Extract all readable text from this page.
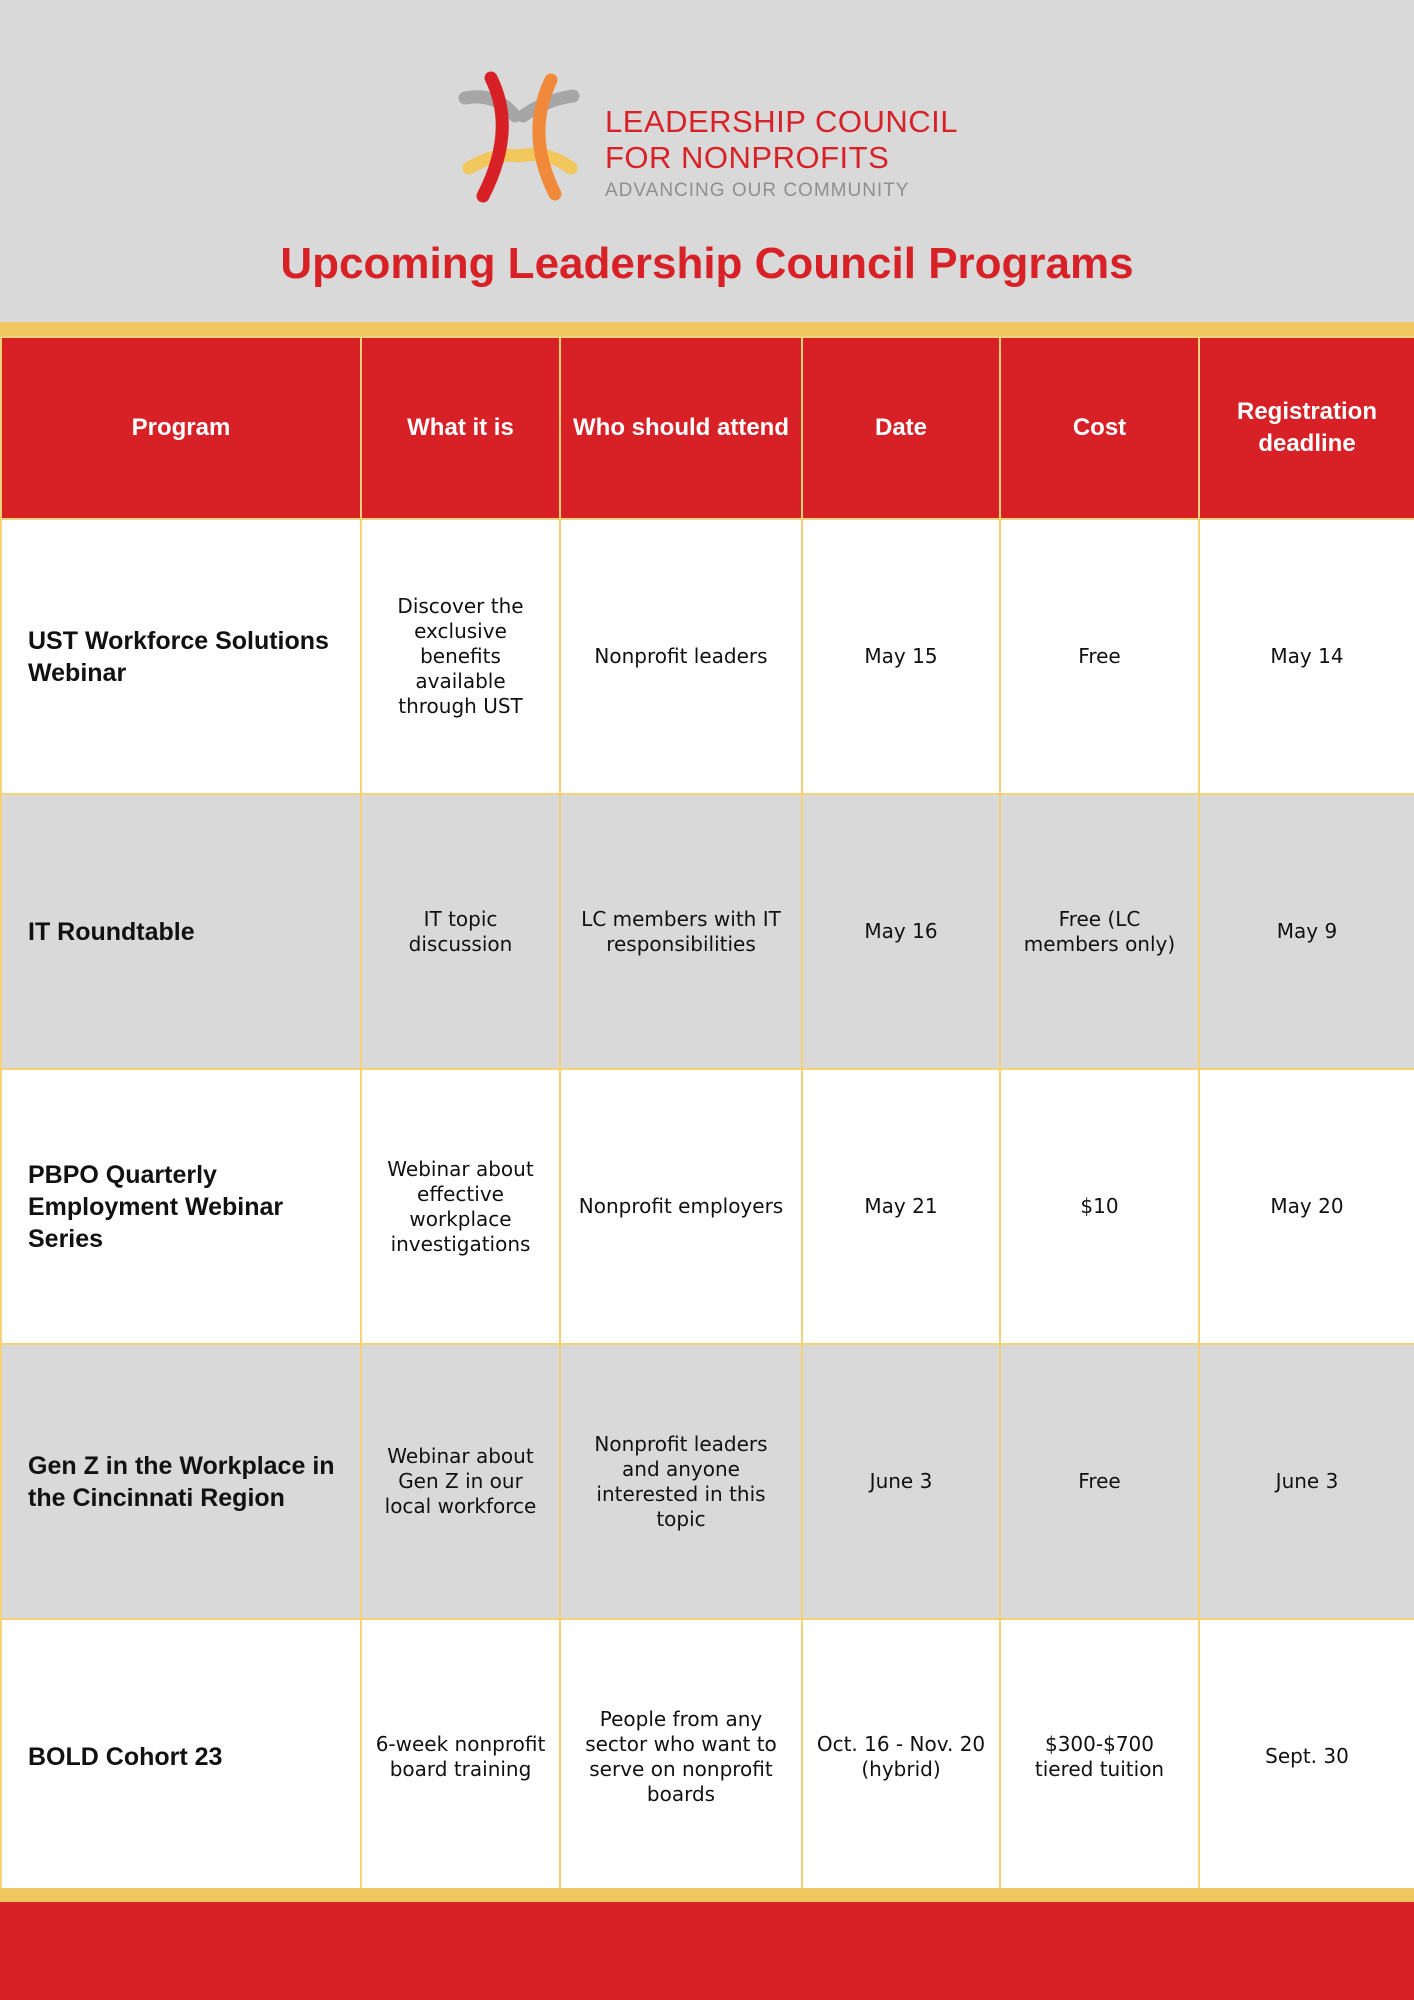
LEADERSHIP COUNCIL
FOR NONPROFITS
ADVANCING OUR COMMUNITY
Upcoming Leadership Council Programs
Program	What it is	Who should attend	Date	Cost	Registration deadline
UST Workforce Solutions Webinar	Discover the exclusive benefits available through UST	Nonprofit leaders	May 15	Free	May 14
IT Roundtable	IT topic discussion	LC members with IT responsibilities	May 16	Free (LC members only)	May 9
PBPO Quarterly Employment Webinar Series	Webinar about effective workplace investigations	Nonprofit employers	May 21	$10	May 20
Gen Z in the Workplace in the Cincinnati Region	Webinar about Gen Z in our local workforce	Nonprofit leaders and anyone interested in this topic	June 3	Free	June 3
BOLD Cohort 23	6-week nonprofit board training	People from any sector who want to serve on nonprofit boards	Oct. 16 - Nov. 20 (hybrid)	$300-$700 tiered tuition	Sept. 30
